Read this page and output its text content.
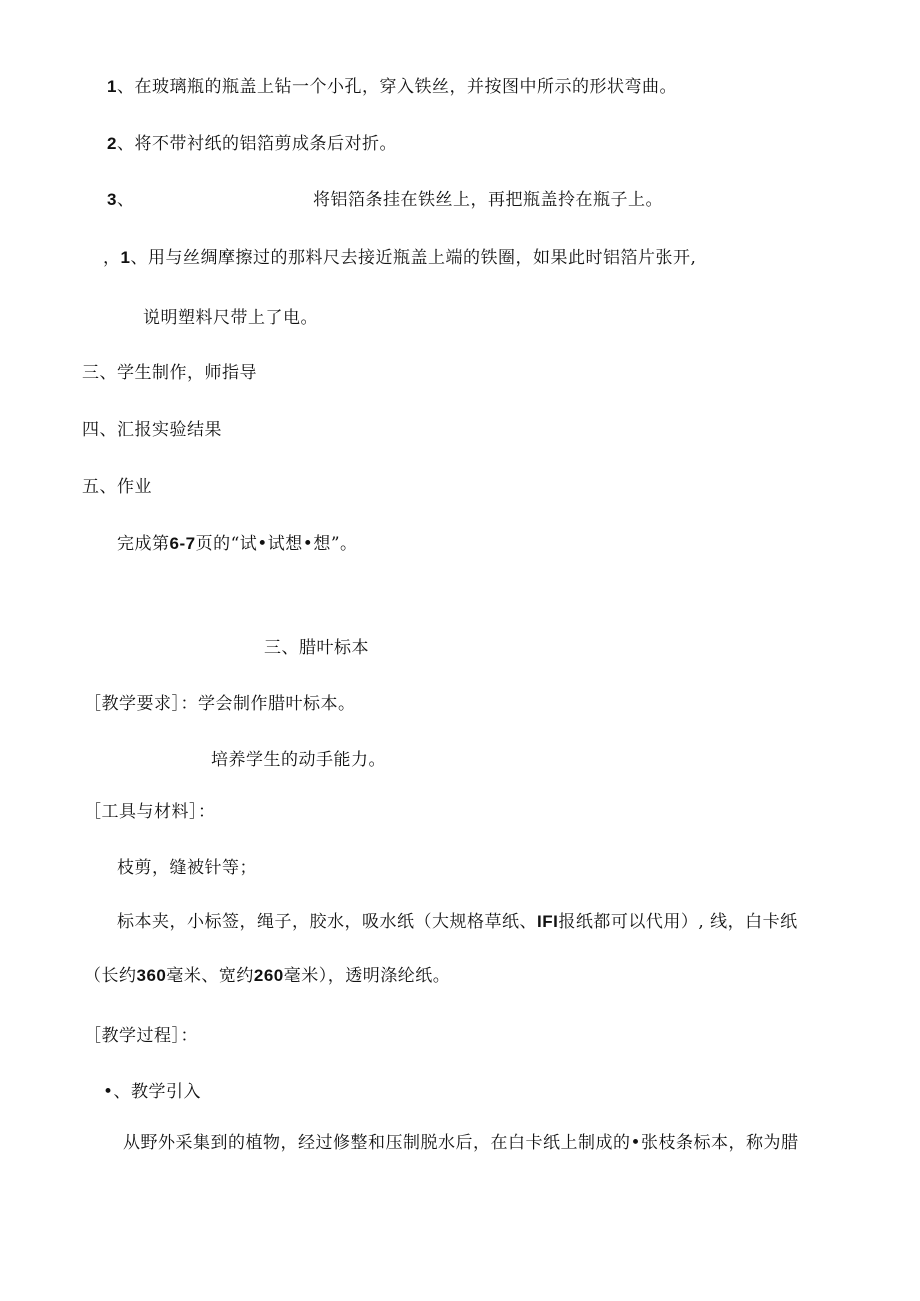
1、在玻璃瓶的瓶盖上钻一个小孔，穿入铁丝，并按图中所示的形状弯曲。
2、将不带衬纸的铝箔剪成条后对折。
3、	将铝箔条挂在铁丝上，再把瓶盖拎在瓶子上。
，1、用与丝绸摩擦过的那料尺去接近瓶盖上端的铁圈，如果此时铝箔片张开,
说明塑料尺带上了电。
三、学生制作，师指导
四、汇报实验结果
五、作业
完成第6-7页的“试•试想•想”。
三、腊叶标本
［教学要求］：学会制作腊叶标本。
培养学生的动手能力。
［工具与材料］：
枝剪，缝被针等；
标本夹，小标签，绳子，胶水，吸水纸（大规格草纸、IFI报纸都可以代用）, 线，白卡纸
（长约360毫米、宽约260毫米），透明涤纶纸。
［教学过程］：
•、教学引入
从野外采集到的植物，经过修整和压制脱水后，在白卡纸上制成的•张枝条标本，称为腊
